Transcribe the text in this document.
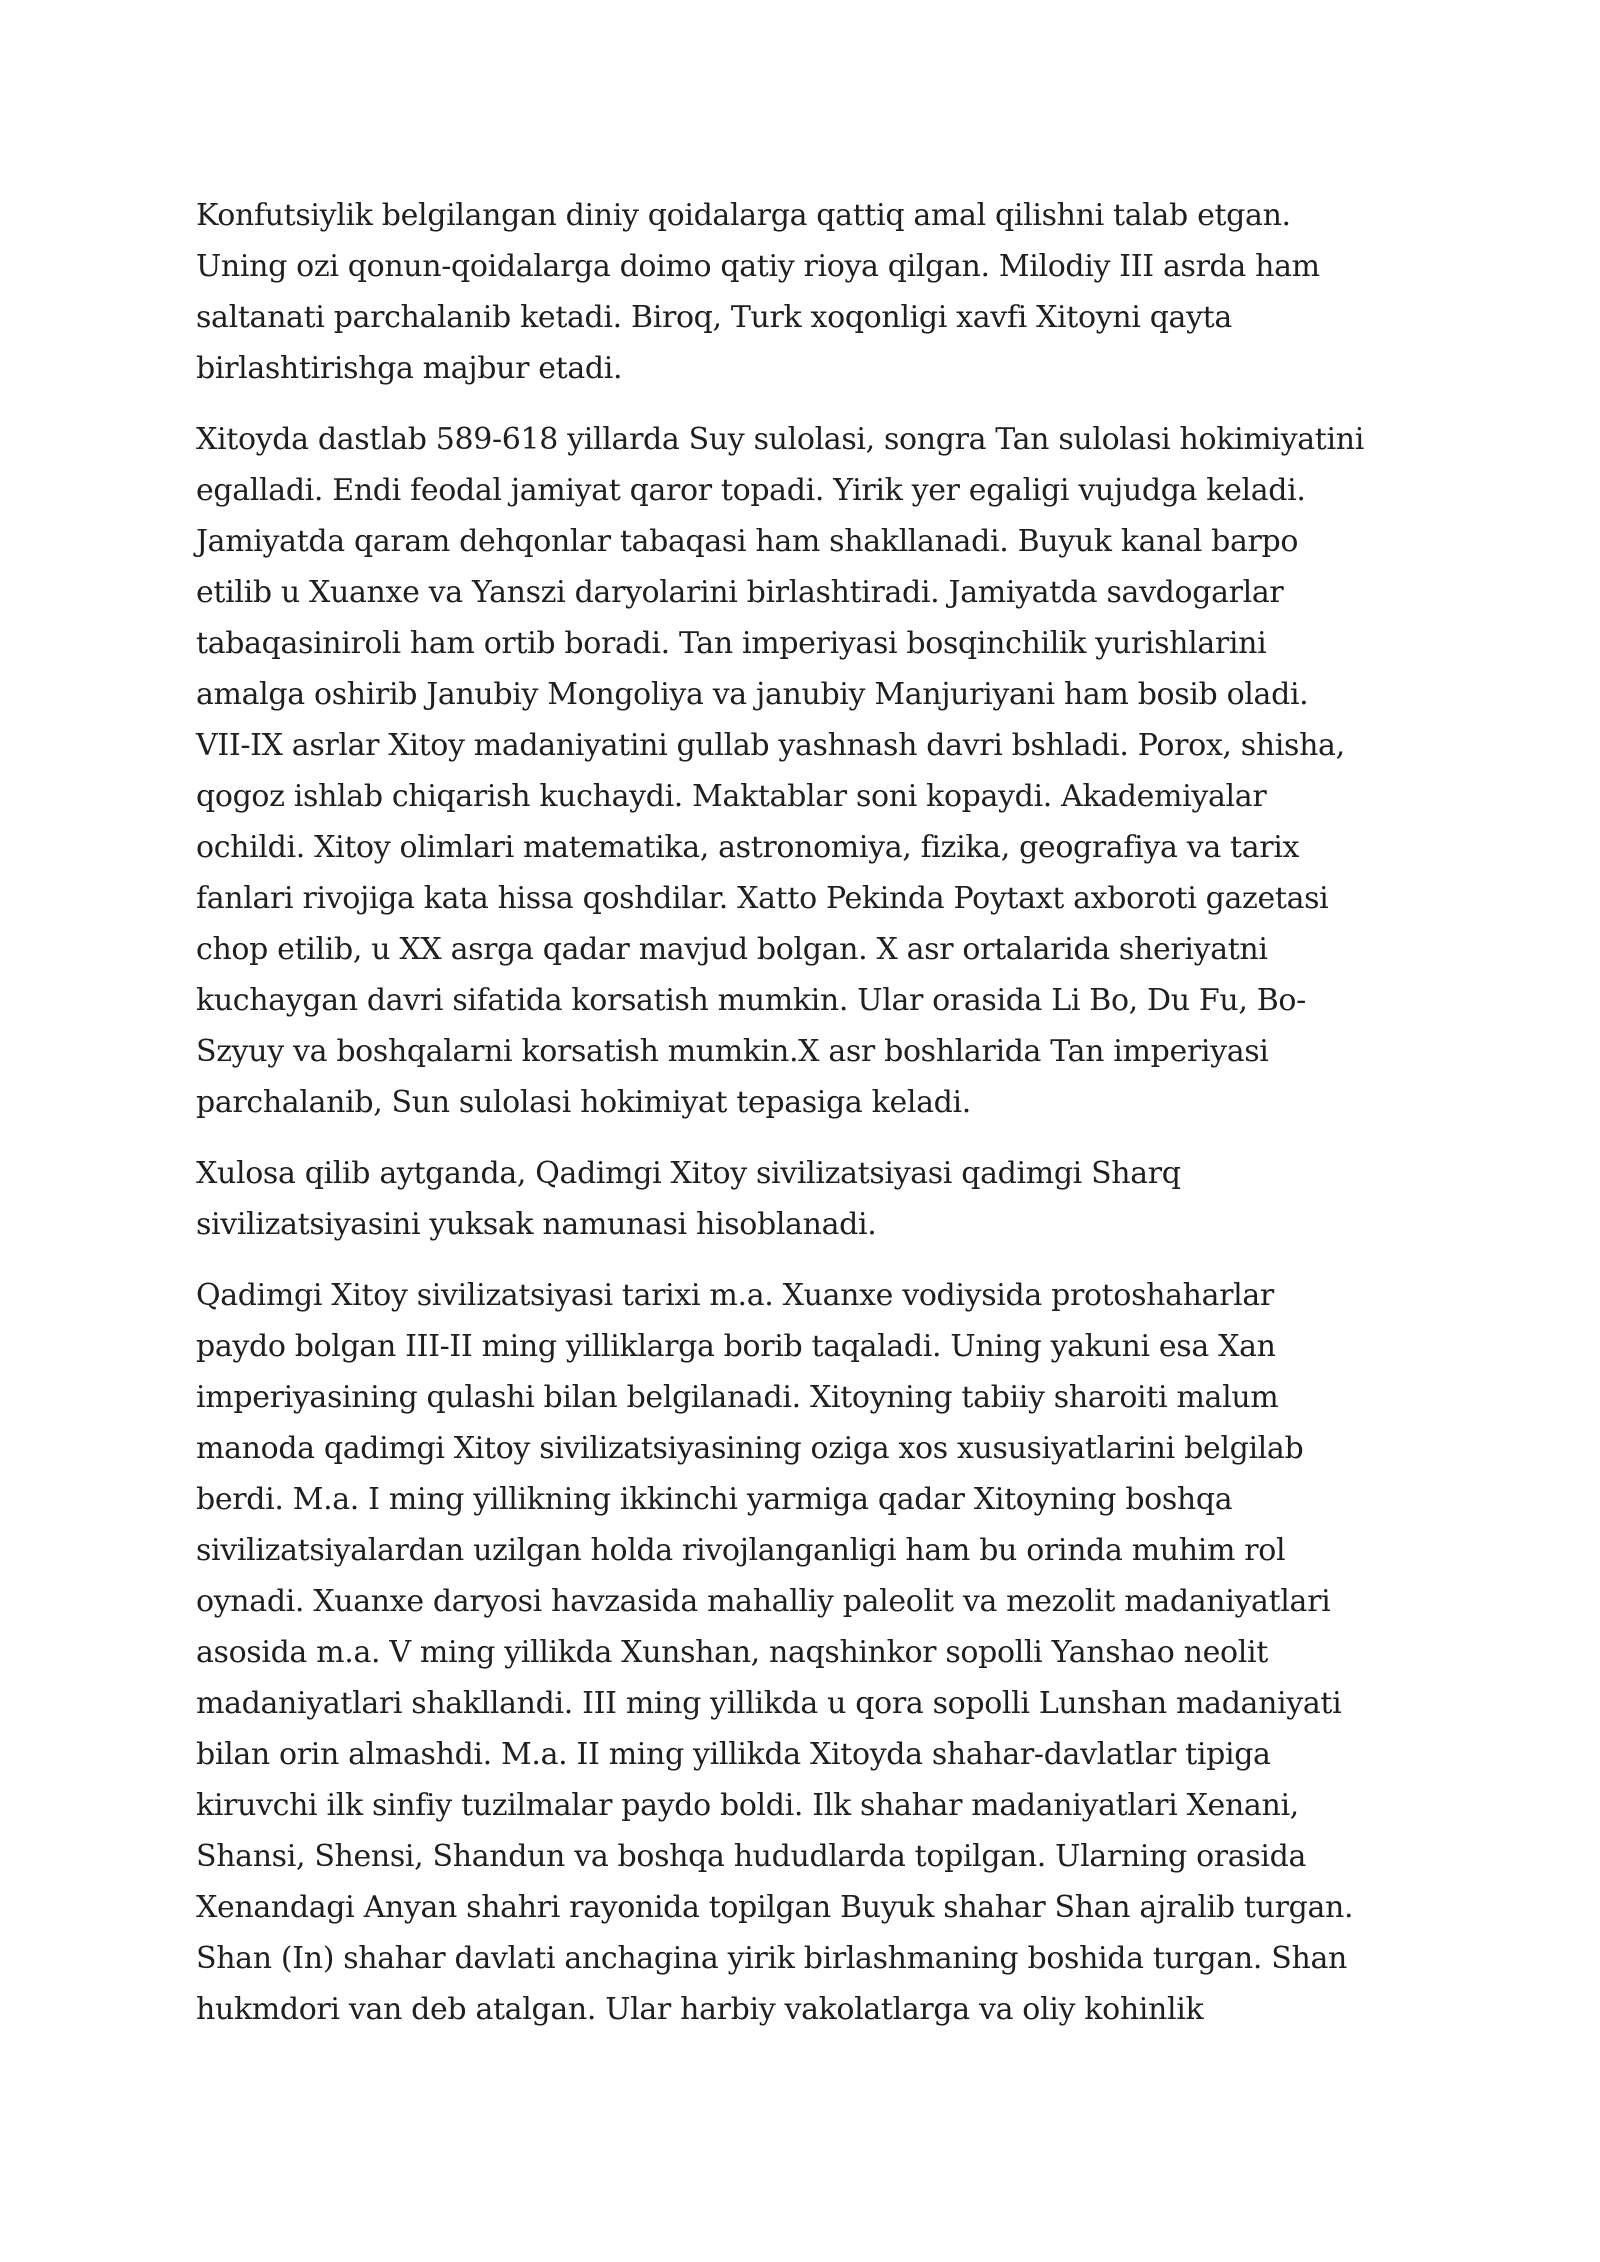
Konfutsiylik belgilangan diniy qoidalarga qattiq amal qilishni talab etgan.
Uning ozi qonun-qoidalarga doimo qatiy rioya qilgan. Milodiy III asrda ham
saltanati parchalanib ketadi. Biroq, Turk xoqonligi xavfi Xitoyni qayta
birlashtirishga majbur etadi.

Xitoyda dastlab 589-618 yillarda Suy sulolasi, songra Tan sulolasi hokimiyatini
egalladi. Endi feodal jamiyat qaror topadi. Yirik yer egaligi vujudga keladi.
Jamiyatda qaram dehqonlar tabaqasi ham shakllanadi. Buyuk kanal barpo
etilib u Xuanxe va Yanszi daryolarini birlashtiradi. Jamiyatda savdogarlar
tabaqasiniroli ham ortib boradi. Tan imperiyasi bosqinchilik yurishlarini
amalga oshirib Janubiy Mongoliya va janubiy Manjuriyani ham bosib oladi.
VII-IX asrlar Xitoy madaniyatini gullab yashnash davri bshladi. Porox, shisha,
qogoz ishlab chiqarish kuchaydi. Maktablar soni kopaydi. Akademiyalar
ochildi. Xitoy olimlari matematika, astronomiya, fizika, geografiya va tarix
fanlari rivojiga kata hissa qoshdilar. Xatto Pekinda Poytaxt axboroti gazetasi
chop etilib, u XX asrga qadar mavjud bolgan. X asr ortalarida sheriyatni
kuchaygan davri sifatida korsatish mumkin. Ular orasida Li Bo, Du Fu, Bo-
Szyuy va boshqalarni korsatish mumkin.X asr boshlarida Tan imperiyasi
parchalanib, Sun sulolasi hokimiyat tepasiga keladi.

Xulosa qilib aytganda, Qadimgi Xitoy sivilizatsiyasi qadimgi Sharq
sivilizatsiyasini yuksak namunasi hisoblanadi.

Qadimgi Xitoy sivilizatsiyasi tarixi m.a. Xuanxe vodiysida protoshaharlar
paydo bolgan III-II ming yilliklarga borib taqaladi. Uning yakuni esa Xan
imperiyasining qulashi bilan belgilanadi. Xitoyning tabiiy sharoiti malum
manoda qadimgi Xitoy sivilizatsiyasining oziga xos xususiyatlarini belgilab
berdi. M.a. I ming yillikning ikkinchi yarmiga qadar Xitoyning boshqa
sivilizatsiyalardan uzilgan holda rivojlanganligi ham bu orinda muhim rol
oynadi. Xuanxe daryosi havzasida mahalliy paleolit va mezolit madaniyatlari
asosida m.a. V ming yillikda Xunshan, naqshinkor sopolli Yanshao neolit
madaniyatlari shakllandi. III ming yillikda u qora sopolli Lunshan madaniyati
bilan orin almashdi. M.a. II ming yillikda Xitoyda shahar-davlatlar tipiga
kiruvchi ilk sinfiy tuzilmalar paydo boldi. Ilk shahar madaniyatlari Xenani,
Shansi, Shensi, Shandun va boshqa hududlarda topilgan. Ularning orasida
Xenandagi Anyan shahri rayonida topilgan Buyuk shahar Shan ajralib turgan.
Shan (In) shahar davlati anchagina yirik birlashmaning boshida turgan. Shan
hukmdori van deb atalgan. Ular harbiy vakolatlarga va oliy kohinlik
